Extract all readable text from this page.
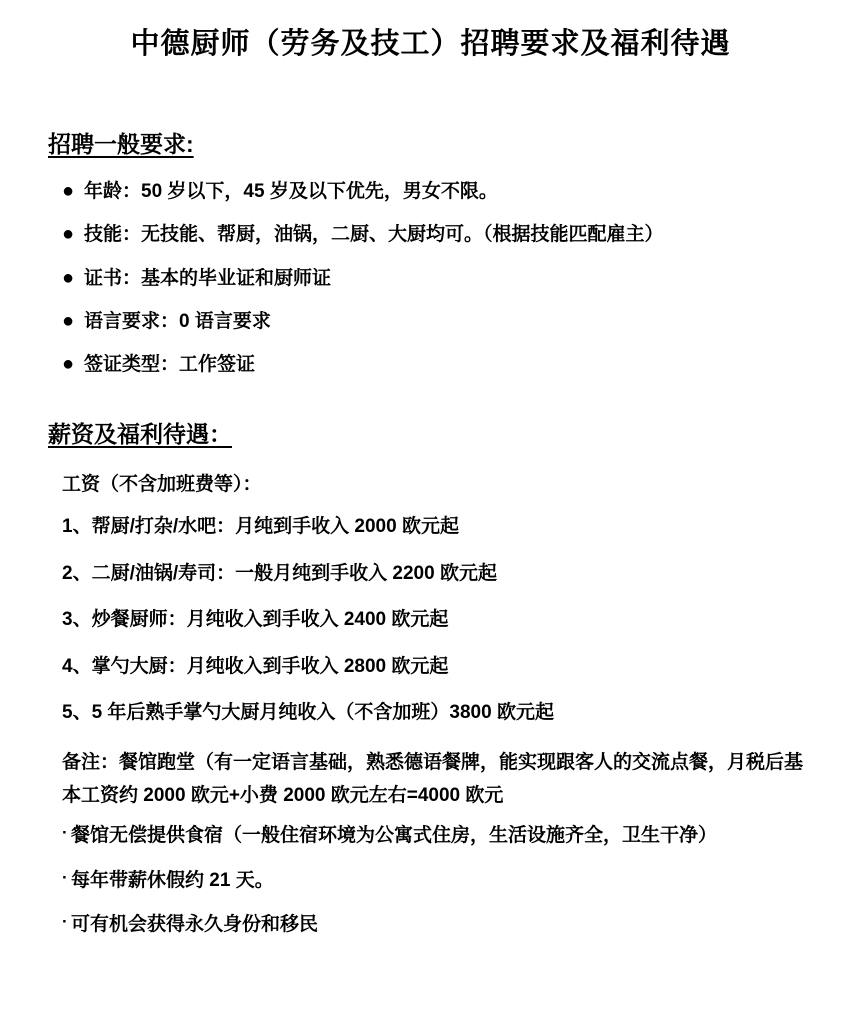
中德厨师（劳务及技工）招聘要求及福利待遇
招聘一般要求:
● 年龄：50 岁以下，45 岁及以下优先，男女不限。
● 技能：无技能、帮厨，油锅，二厨、大厨均可。（根据技能匹配雇主）
● 证书：基本的毕业证和厨师证
● 语言要求：0 语言要求
● 签证类型：工作签证
薪资及福利待遇：
工资（不含加班费等）：
1、帮厨/打杂/水吧：月纯到手收入 2000 欧元起
2、二厨/油锅/寿司：一般月纯到手收入 2200 欧元起
3、炒餐厨师：月纯收入到手收入 2400 欧元起
4、掌勺大厨：月纯收入到手收入 2800 欧元起
5、5 年后熟手掌勺大厨月纯收入（不含加班）3800 欧元起
备注：餐馆跑堂（有一定语言基础，熟悉德语餐牌，能实现跟客人的交流点餐，月税后基本工资约 2000 欧元+小费 2000 欧元左右=4000 欧元
· 餐馆无偿提供食宿（一般住宿环境为公寓式住房，生活设施齐全，卫生干净）
· 每年带薪休假约 21 天。
· 可有机会获得永久身份和移民
